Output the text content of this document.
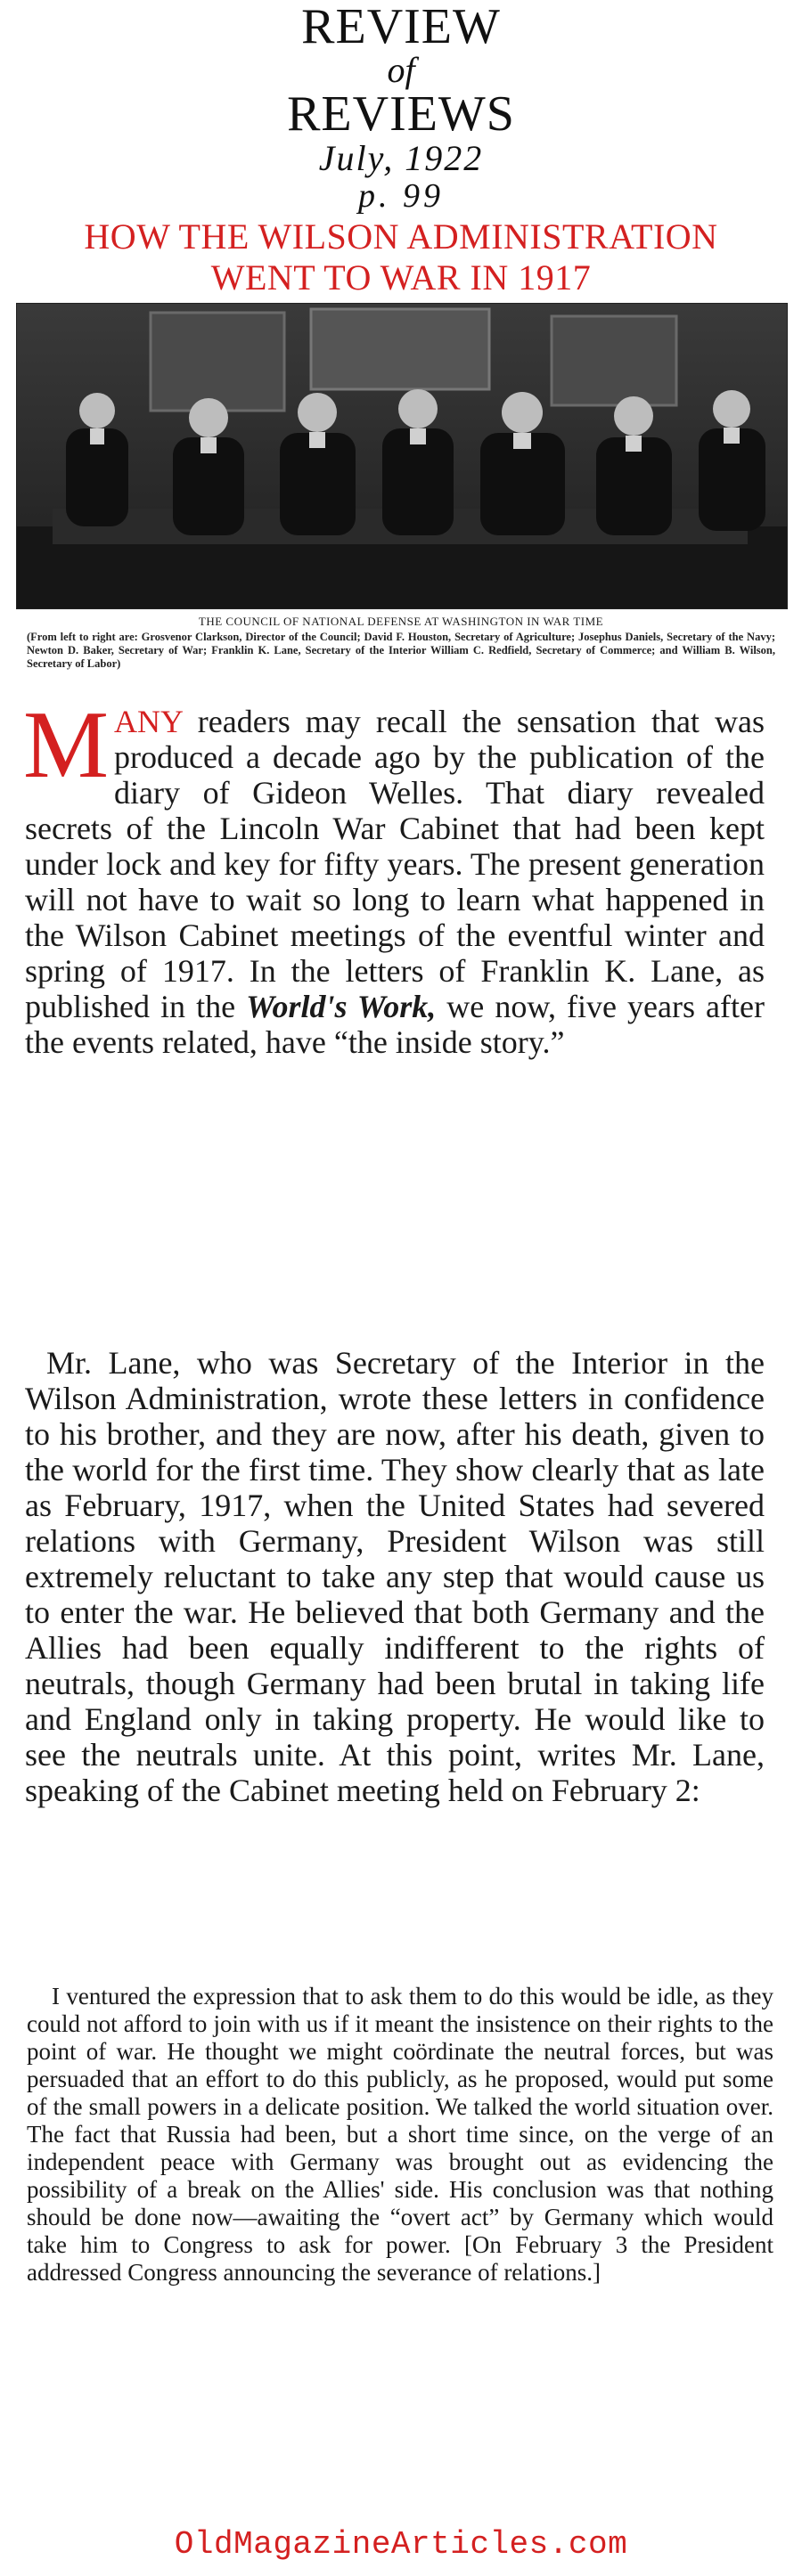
REVIEW
of
REVIEWS
July, 1922
p. 99
HOW THE WILSON ADMINISTRATION
WENT TO WAR IN 1917
THE COUNCIL OF NATIONAL DEFENSE AT WASHINGTON IN WAR TIME
(From left to right are: Grosvenor Clarkson, Director of the Council; David F. Houston, Secretary of Agriculture; Josephus Daniels, Secretary of the Navy; Newton D. Baker, Secretary of War; Franklin K. Lane, Secretary of the Interior William C. Redfield, Secretary of Commerce; and William B. Wilson, Secretary of Labor)

MANY readers may recall the sensation that was produced a decade ago by the publication of the diary of Gideon Welles. That diary revealed secrets of the Lincoln War Cabinet that had been kept under lock and key for fifty years. The present generation will not have to wait so long to learn what happened in the Wilson Cabinet meetings of the eventful winter and spring of 1917. In the letters of Franklin K. Lane, as published in the World's Work, we now, five years after the events related, have “the inside story.”

Mr. Lane, who was Secretary of the Interior in the Wilson Administration, wrote these letters in confidence to his brother, and they are now, after his death, given to the world for the first time. They show clearly that as late as February, 1917, when the United States had severed relations with Germany, President Wilson was still extremely reluctant to take any step that would cause us to enter the war. He believed that both Germany and the Allies had been equally indifferent to the rights of neutrals, though Germany had been brutal in taking life and England only in taking property. He would like to see the neutrals unite. At this point, writes Mr. Lane, speaking of the Cabinet meeting held on February 2:

I ventured the expression that to ask them to do this would be idle, as they could not afford to join with us if it meant the insistence on their rights to the point of war. He thought we might coördinate the neutral forces, but was persuaded that an effort to do this publicly, as he proposed, would put some of the small powers in a delicate position. We talked the world situation over. The fact that Russia had been, but a short time since, on the verge of an independent peace with Germany was brought out as evidencing the possibility of a break on the Allies' side. His conclusion was that nothing should be done now—awaiting the “overt act” by Germany which would take him to Congress to ask for power. [On February 3 the President addressed Congress announcing the severance of relations.]
OldMagazineArticles.com
